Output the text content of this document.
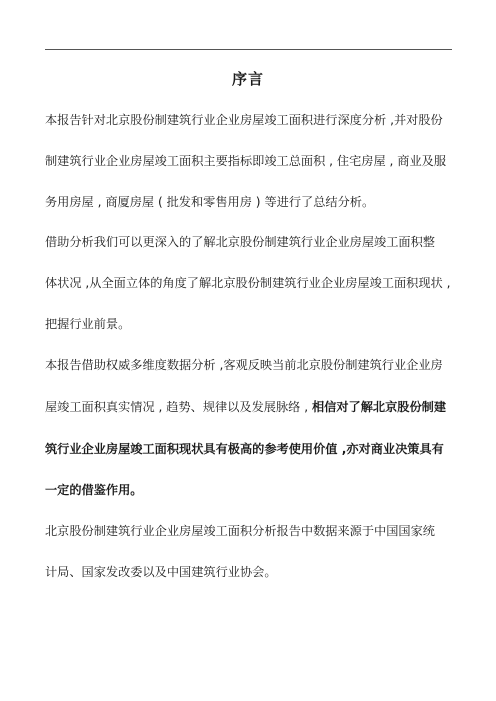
序言
本报告针对北京股份制建筑行业企业房屋竣工面积进行深度分析 ,并对股份
制建筑行业企业房屋竣工面积主要指标即竣工总面积 , 住宅房屋 , 商业及服
务用房屋 , 商厦房屋 ( 批发和零售用房 ) 等进行了总结分析。
借助分析我们可以更深入的了解北京股份制建筑行业企业房屋竣工面积整
体状况 ,从全面立体的角度了解北京股份制建筑行业企业房屋竣工面积现状 ,
把握行业前景。
本报告借助权威多维度数据分析 ,客观反映当前北京股份制建筑行业企业房
屋竣工面积真实情况 , 趋势、规律以及发展脉络 , 相信对了解北京股份制建
筑行业企业房屋竣工面积现状具有极高的参考使用价值 ,亦对商业决策具有
一定的借鉴作用。
北京股份制建筑行业企业房屋竣工面积分析报告中数据来源于中国国家统
计局、国家发改委以及中国建筑行业协会。
